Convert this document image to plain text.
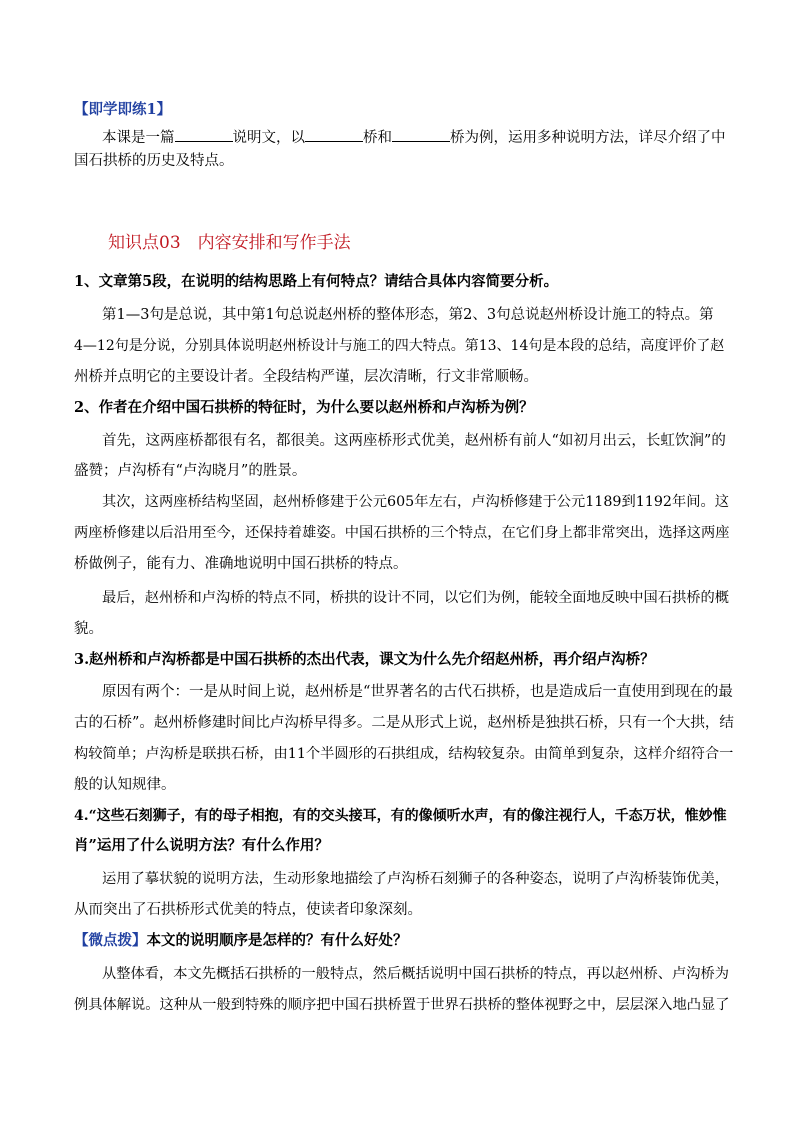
【即学即练1】
本课是一篇	说明文，以	桥和	桥为例，运用多种说明方法，详尽介绍了中
国石拱桥的历史及特点。
知识点03　内容安排和写作手法
1、文章第5段，在说明的结构思路上有何特点？请结合具体内容简要分析。
第1—3句是总说，其中第1句总说赵州桥的整体形态，第2、3句总说赵州桥设计施工的特点。第
4—12句是分说，分别具体说明赵州桥设计与施工的四大特点。第13、14句是本段的总结，高度评价了赵
州桥并点明它的主要设计者。全段结构严谨，层次清晰，行文非常顺畅。
2、作者在介绍中国石拱桥的特征时，为什么要以赵州桥和卢沟桥为例？
首先，这两座桥都很有名，都很美。这两座桥形式优美，赵州桥有前人“如初月出云，长虹饮涧”的
盛赞；卢沟桥有“卢沟晓月”的胜景。
其次，这两座桥结构坚固，赵州桥修建于公元605年左右，卢沟桥修建于公元1189到1192年间。这
两座桥修建以后沿用至今，还保持着雄姿。中国石拱桥的三个特点，在它们身上都非常突出，选择这两座
桥做例子，能有力、准确地说明中国石拱桥的特点。
最后，赵州桥和卢沟桥的特点不同，桥拱的设计不同，以它们为例，能较全面地反映中国石拱桥的概
貌。
3.赵州桥和卢沟桥都是中国石拱桥的杰出代表，课文为什么先介绍赵州桥，再介绍卢沟桥？
原因有两个：一是从时间上说，赵州桥是“世界著名的古代石拱桥，也是造成后一直使用到现在的最
古的石桥”。赵州桥修建时间比卢沟桥早得多。二是从形式上说，赵州桥是独拱石桥，只有一个大拱，结
构较简单；卢沟桥是联拱石桥，由11个半圆形的石拱组成，结构较复杂。由简单到复杂，这样介绍符合一
般的认知规律。
4.“这些石刻狮子，有的母子相抱，有的交头接耳，有的像倾听水声，有的像注视行人，千态万状，惟妙惟
肖”运用了什么说明方法？有什么作用？
运用了摹状貌的说明方法，生动形象地描绘了卢沟桥石刻狮子的各种姿态，说明了卢沟桥装饰优美，
从而突出了石拱桥形式优美的特点，使读者印象深刻。
【微点拨】本文的说明顺序是怎样的？有什么好处？
从整体看，本文先概括石拱桥的一般特点，然后概括说明中国石拱桥的特点，再以赵州桥、卢沟桥为
例具体解说。这种从一般到特殊的顺序把中国石拱桥置于世界石拱桥的整体视野之中，层层深入地凸显了
